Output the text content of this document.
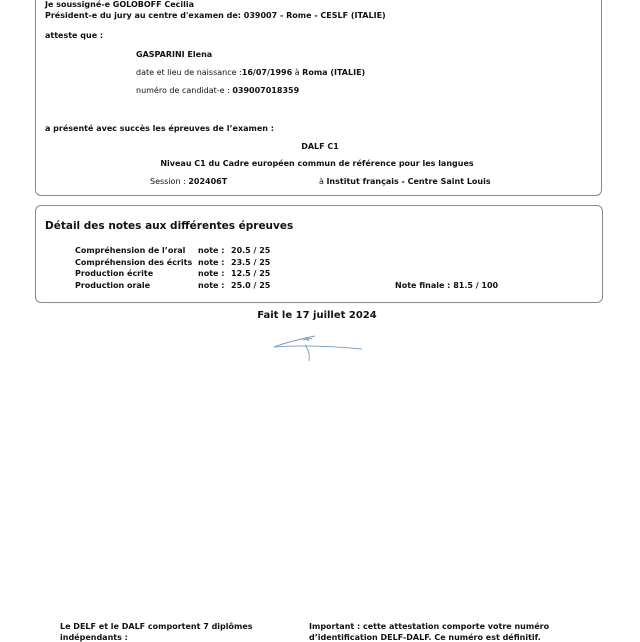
Je soussigné-e GOLOBOFF Cecilia
Président-e du jury au centre d'examen de: 039007 - Rome - CESLF (ITALIE)
atteste que :
GASPARINI Elena
date et lieu de naissance :16/07/1996 à Roma (ITALIE)
numéro de candidat-e : 039007018359
a présenté avec succès les épreuves de l’examen :
DALF C1
Niveau C1 du Cadre européen commun de référence pour les langues
Session : 202406T	à Institut français - Centre Saint Louis
Détail des notes aux différentes épreuves
Compréhension de l’oral note : 20.5 / 25
Compréhension des écrits note : 23.5 / 25
Production écrite	note : 12.5 / 25
Production orale	note : 25.0 / 25	Note finale : 81.5 / 100
Fait le 17 juillet 2024
Le DELF et le DALF comportent 7 diplômes
indépendants :
Important : cette attestation comporte votre numéro
d’identification DELF-DALF. Ce numéro est définitif.
